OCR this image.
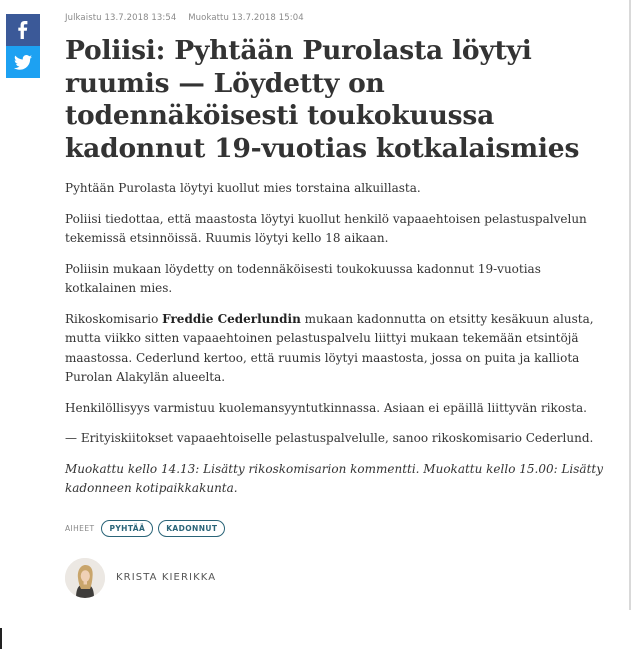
Julkaistu 13.7.2018 13:54 Muokattu 13.7.2018 15:04
Poliisi: Pyhtään Purolasta löytyi ruumis — Löydetty on todennäköisesti toukokuussa kadonnut 19-vuotias kotkalaismies

Pyhtään Purolasta löytyi kuollut mies torstaina alkuillasta.

Poliisi tiedottaa, että maastosta löytyi kuollut henkilö vapaaehtoisen pelastuspalvelun tekemissä etsinnöissä. Ruumis löytyi kello 18 aikaan.

Poliisin mukaan löydetty on todennäköisesti toukokuussa kadonnut 19-vuotias kotkalainen mies.

Rikoskomisario Freddie Cederlundin mukaan kadonnutta on etsitty kesäkuun alusta, mutta viikko sitten vapaaehtoinen pelastuspalvelu liittyi mukaan tekemään etsintöjä maastossa. Cederlund kertoo, että ruumis löytyi maastosta, jossa on puita ja kalliota Purolan Alakylän alueelta.

Henkilöllisyys varmistuu kuolemansyyntutkinnassa. Asiaan ei epäillä liittyvän rikosta.

— Erityiskiitokset vapaaehtoiselle pelastuspalvelulle, sanoo rikoskomisario Cederlund.

Muokattu kello 14.13: Lisätty rikoskomisarion kommentti. Muokattu kello 15.00: Lisätty kadonneen kotipaikkakunta.

AIHEET	PYHTÄÄ	KADONNUT
KRISTA KIERIKKA
